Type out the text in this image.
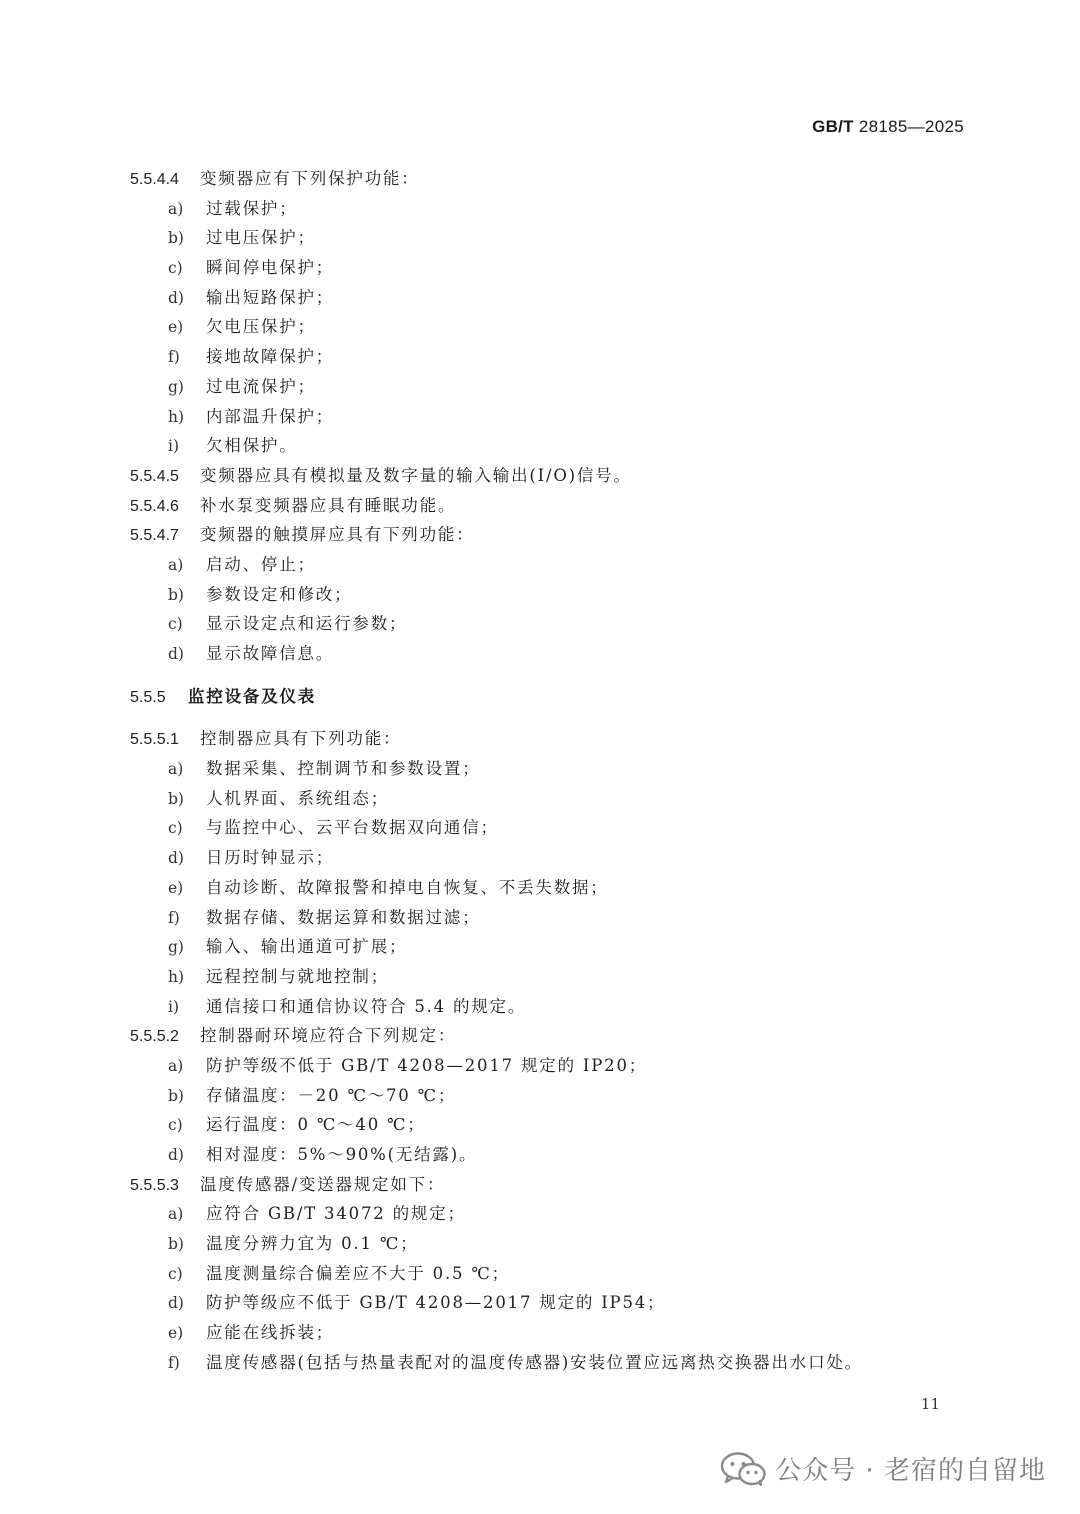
GB/T 28185—2025
5.5.4.4 变频器应有下列保护功能：
a) 过载保护；
b) 过电压保护；
c) 瞬间停电保护；
d) 输出短路保护；
e) 欠电压保护；
f) 接地故障保护；
g) 过电流保护；
h) 内部温升保护；
i) 欠相保护。
5.5.4.5 变频器应具有模拟量及数字量的输入输出(I/O)信号。
5.5.4.6 补水泵变频器应具有睡眠功能。
5.5.4.7 变频器的触摸屏应具有下列功能：
a) 启动、停止；
b) 参数设定和修改；
c) 显示设定点和运行参数；
d) 显示故障信息。
5.5.5 监控设备及仪表
5.5.5.1 控制器应具有下列功能：
a) 数据采集、控制调节和参数设置；
b) 人机界面、系统组态；
c) 与监控中心、云平台数据双向通信；
d) 日历时钟显示；
e) 自动诊断、故障报警和掉电自恢复、不丢失数据；
f) 数据存储、数据运算和数据过滤；
g) 输入、输出通道可扩展；
h) 远程控制与就地控制；
i) 通信接口和通信协议符合 5.4 的规定。
5.5.5.2 控制器耐环境应符合下列规定：
a) 防护等级不低于 GB/T 4208—2017 规定的 IP20；
b) 存储温度：－20 ℃～70 ℃；
c) 运行温度：0 ℃～40 ℃；
d) 相对湿度：5%～90%(无结露)。
5.5.5.3 温度传感器/变送器规定如下：
a) 应符合 GB/T 34072 的规定；
b) 温度分辨力宜为 0.1 ℃；
c) 温度测量综合偏差应不大于 0.5 ℃；
d) 防护等级应不低于 GB/T 4208—2017 规定的 IP54；
e) 应能在线拆装；
f) 温度传感器(包括与热量表配对的温度传感器)安装位置应远离热交换器出水口处。
11
公众号 · 老宿的自留地
